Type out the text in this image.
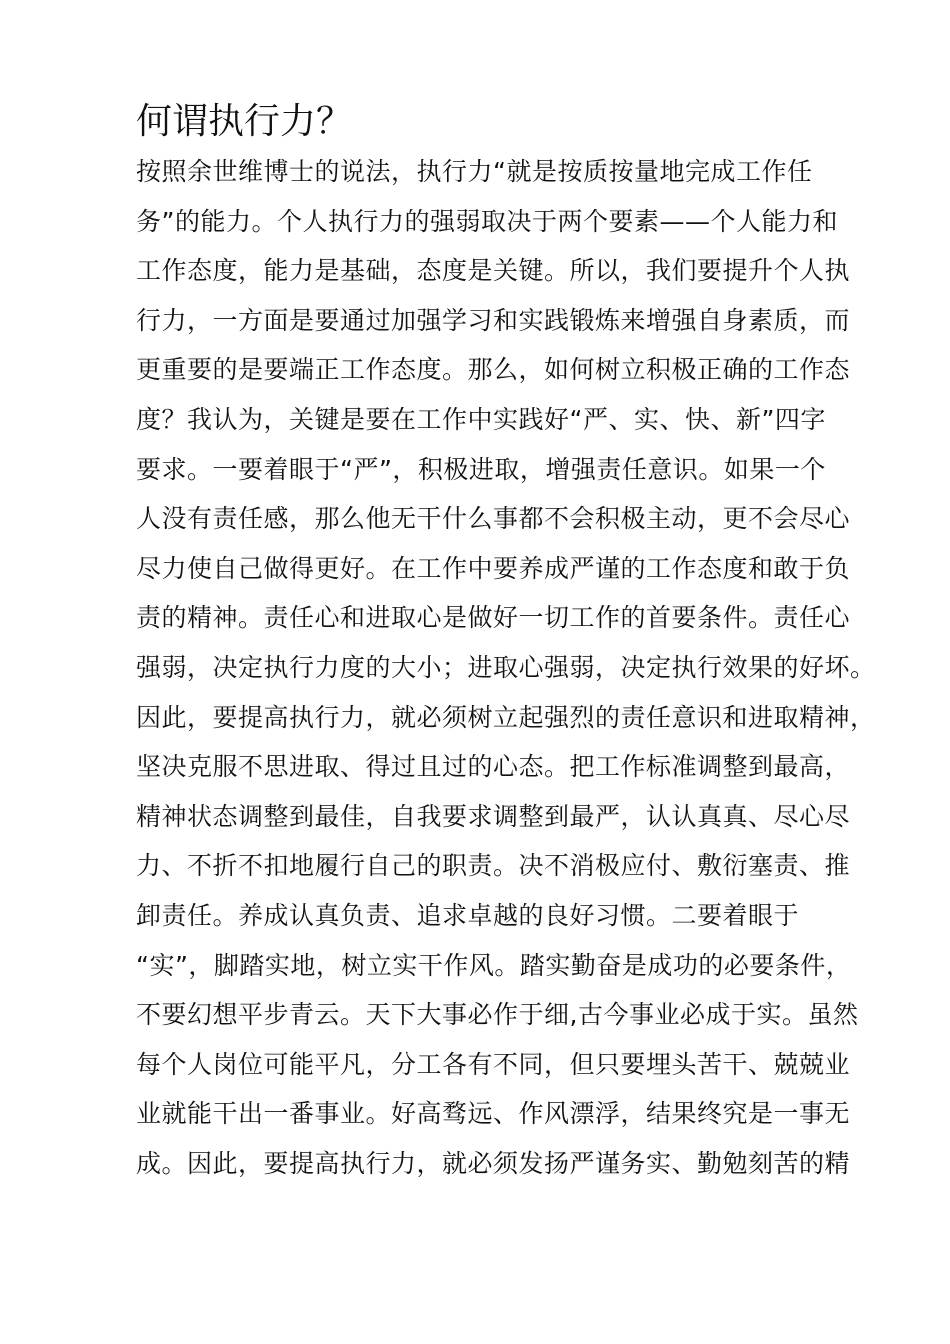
何谓执行力？
按照余世维博士的说法，执行力“就是按质按量地完成工作任
务”的能力。个人执行力的强弱取决于两个要素——个人能力和
工作态度，能力是基础，态度是关键。所以，我们要提升个人执
行力，一方面是要通过加强学习和实践锻炼来增强自身素质，而
更重要的是要端正工作态度。那么，如何树立积极正确的工作态
度？我认为，关键是要在工作中实践好“严、实、快、新”四字
要求。一要着眼于“严”，积极进取，增强责任意识。如果一个
人没有责任感，那么他无干什么事都不会积极主动，更不会尽心
尽力使自己做得更好。在工作中要养成严谨的工作态度和敢于负
责的精神。责任心和进取心是做好一切工作的首要条件。责任心
强弱，决定执行力度的大小；进取心强弱，决定执行效果的好坏。
因此，要提高执行力，就必须树立起强烈的责任意识和进取精神，
坚决克服不思进取、得过且过的心态。把工作标准调整到最高，
精神状态调整到最佳，自我要求调整到最严，认认真真、尽心尽
力、不折不扣地履行自己的职责。决不消极应付、敷衍塞责、推
卸责任。养成认真负责、追求卓越的良好习惯。二要着眼于
“实”，脚踏实地，树立实干作风。踏实勤奋是成功的必要条件，
不要幻想平步青云。天下大事必作于细,古今事业必成于实。虽然
每个人岗位可能平凡，分工各有不同，但只要埋头苦干、兢兢业
业就能干出一番事业。好高骛远、作风漂浮，结果终究是一事无
成。因此，要提高执行力，就必须发扬严谨务实、勤勉刻苦的精
